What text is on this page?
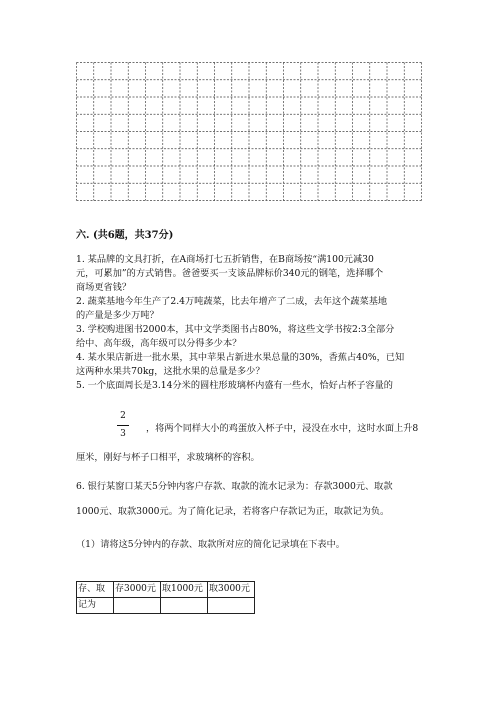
六. (共6题，共37分)
1. 某品牌的文具打折，在A商场打七五折销售，在B商场按“满100元减30
元，可累加”的方式销售。爸爸要买一支该品牌标价340元的钢笔，选择哪个
商场更省钱？
2. 蔬菜基地今年生产了2.4万吨蔬菜，比去年增产了二成，去年这个蔬菜基地
的产量是多少万吨？
3. 学校购进图书2000本，其中文学类图书占80%，将这些文学书按2:3全部分
给中、高年级，高年级可以分得多少本？
4. 某水果店新进一批水果，其中苹果占新进水果总量的30%，香蕉占40%，已知
这两种水果共70kg，这批水果的总量是多少？
5. 一个底面周长是3.14分米的圆柱形玻璃杯内盛有一些水，恰好占杯子容量的
2
3	，将两个同样大小的鸡蛋放入杯子中，浸没在水中，这时水面上升8
厘米，刚好与杯子口相平，求玻璃杯的容积。
6. 银行某窗口某天5分钟内客户存款、取款的流水记录为：存款3000元、取款
1000元、取款3000元。为了简化记录，若将客户存款记为正，取款记为负。
（1）请将这5分钟内的存款、取款所对应的简化记录填在下表中。
存、取	存3000元	取1000元	取3000元
记为			
